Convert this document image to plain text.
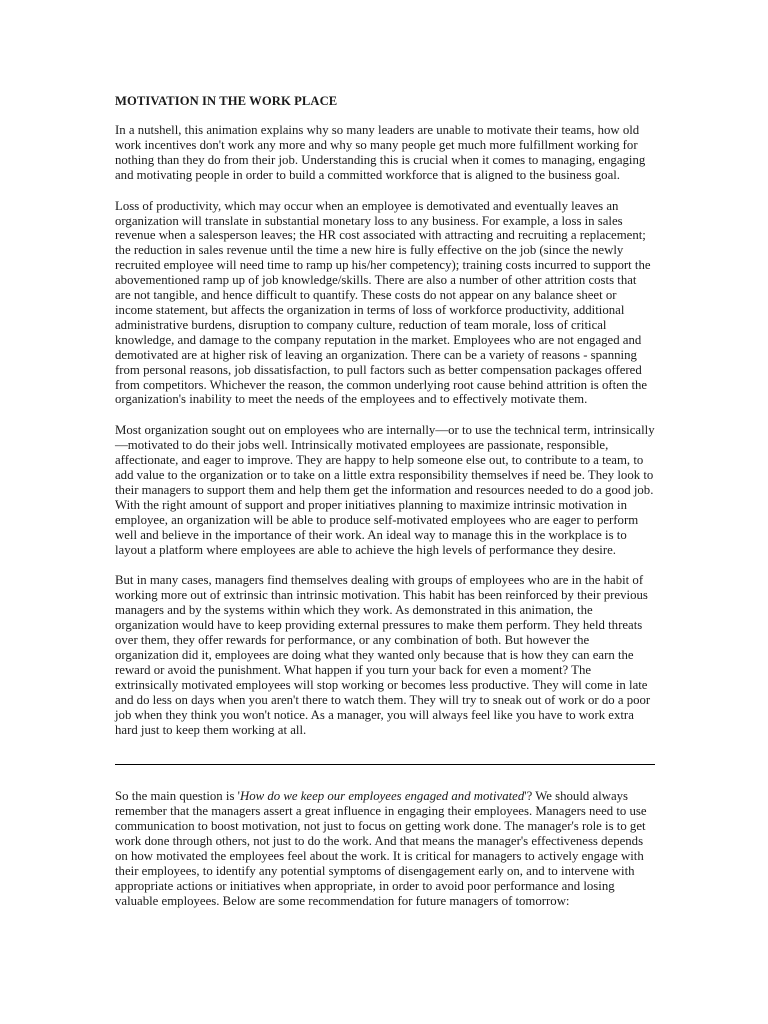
MOTIVATION IN THE WORK PLACE

In a nutshell, this animation explains why so many leaders are unable to motivate their teams, how old work incentives don't work any more and why so many people get much more fulfillment working for nothing than they do from their job. Understanding this is crucial when it comes to managing, engaging and motivating people in order to build a committed workforce that is aligned to the business goal.

Loss of productivity, which may occur when an employee is demotivated and eventually leaves an organization will translate in substantial monetary loss to any business. For example, a loss in sales revenue when a salesperson leaves; the HR cost associated with attracting and recruiting a replacement; the reduction in sales revenue until the time a new hire is fully effective on the job (since the newly recruited employee will need time to ramp up his/her competency); training costs incurred to support the abovementioned ramp up of job knowledge/skills. There are also a number of other attrition costs that are not tangible, and hence difficult to quantify. These costs do not appear on any balance sheet or income statement, but affects the organization in terms of loss of workforce productivity, additional administrative burdens, disruption to company culture, reduction of team morale, loss of critical knowledge, and damage to the company reputation in the market. Employees who are not engaged and demotivated are at higher risk of leaving an organization. There can be a variety of reasons - spanning from personal reasons, job dissatisfaction, to pull factors such as better compensation packages offered from competitors. Whichever the reason, the common underlying root cause behind attrition is often the organization's inability to meet the needs of the employees and to effectively motivate them.

Most organization sought out on employees who are internally—or to use the technical term, intrinsically—motivated to do their jobs well. Intrinsically motivated employees are passionate, responsible, affectionate, and eager to improve. They are happy to help someone else out, to contribute to a team, to add value to the organization or to take on a little extra responsibility themselves if need be. They look to their managers to support them and help them get the information and resources needed to do a good job. With the right amount of support and proper initiatives planning to maximize intrinsic motivation in employee, an organization will be able to produce self-motivated employees who are eager to perform well and believe in the importance of their work. An ideal way to manage this in the workplace is to layout a platform where employees are able to achieve the high levels of performance they desire.

But in many cases, managers find themselves dealing with groups of employees who are in the habit of working more out of extrinsic than intrinsic motivation. This habit has been reinforced by their previous managers and by the systems within which they work. As demonstrated in this animation, the organization would have to keep providing external pressures to make them perform. They held threats over them, they offer rewards for performance, or any combination of both. But however the organization did it, employees are doing what they wanted only because that is how they can earn the reward or avoid the punishment. What happen if you turn your back for even a moment? The extrinsically motivated employees will stop working or becomes less productive. They will come in late and do less on days when you aren't there to watch them. They will try to sneak out of work or do a poor job when they think you won't notice. As a manager, you will always feel like you have to work extra hard just to keep them working at all.

So the main question is 'How do we keep our employees engaged and motivated'? We should always remember that the managers assert a great influence in engaging their employees. Managers need to use communication to boost motivation, not just to focus on getting work done. The manager's role is to get work done through others, not just to do the work. And that means the manager's effectiveness depends on how motivated the employees feel about the work. It is critical for managers to actively engage with their employees, to identify any potential symptoms of disengagement early on, and to intervene with appropriate actions or initiatives when appropriate, in order to avoid poor performance and losing valuable employees. Below are some recommendation for future managers of tomorrow:
